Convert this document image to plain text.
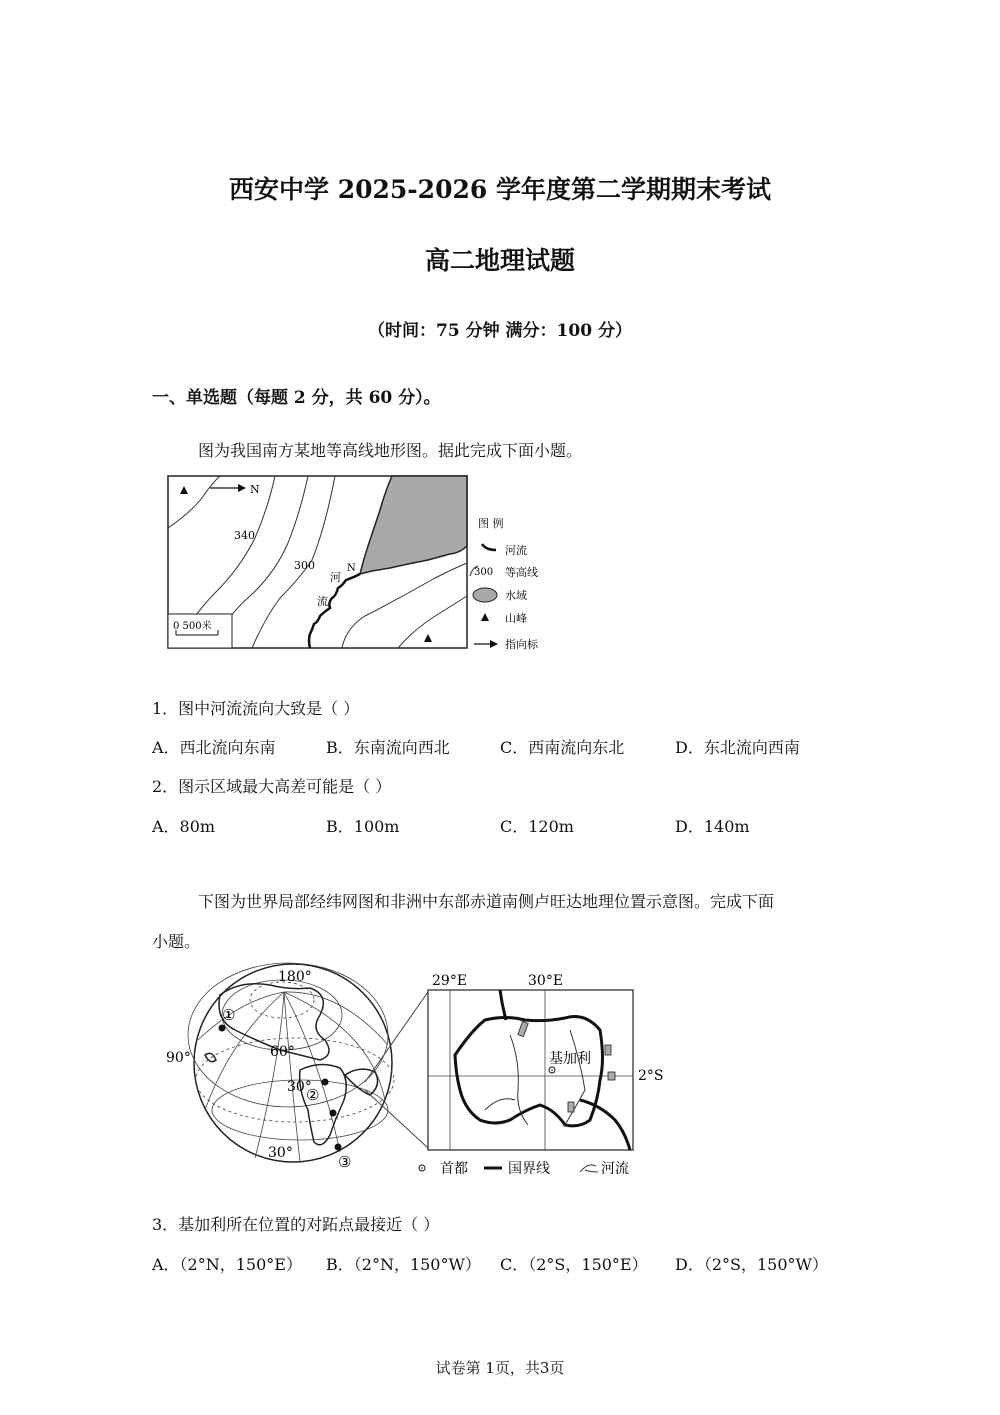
西安中学 2025-2026 学年度第二学期期末考试
高二地理试题
（时间：75 分钟 满分：100 分）
一、单选题（每题 2 分，共 60 分）。
图为我国南方某地等高线地形图。据此完成下面小题。
N
340
300	N
河
流
0 500米
图 例
河流
300 等高线
水域
山峰
指向标
1．图中河流流向大致是（ ）
A．西北流向东南	B．东南流向西北	C．西南流向东北	D．东北流向西南
2．图示区域最大高差可能是（ ）
A．80m	B．100m	C．120m	D．140m
下图为世界局部经纬网图和非洲中东部赤道南侧卢旺达地理位置示意图。完成下面
小题。
180°
90°	60°
30°
30°
①
②
③
基加利
29°E	30°E
2°S
首都	国界线	河流
3．基加利所在位置的对跖点最接近（ ）
A．（2°N，150°E） B．（2°N，150°W） C．（2°S，150°E） D．（2°S，150°W）
试卷第 1页，共3页
